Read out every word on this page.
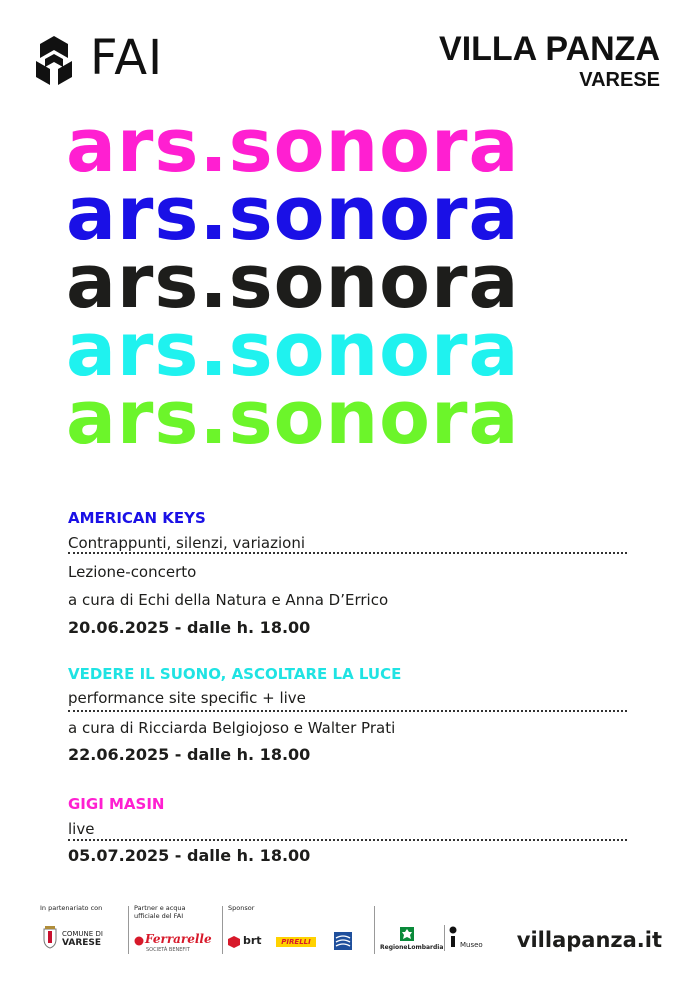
FAI	VILLA PANZA
VARESE
ars.sonora
ars.sonora
ars.sonora
ars.sonora
ars.sonora
AMERICAN KEYS
Contrappunti, silenzi, variazioni
Lezione-concerto
a cura di Echi della Natura e Anna D’Errico
20.06.2025 - dalle h. 18.00
VEDERE IL SUONO, ASCOLTARE LA LUCE
performance site specific + live
a cura di Ricciarda Belgiojoso e Walter Prati
22.06.2025 - dalle h. 18.00
GIGI MASIN
live
05.07.2025 - dalle h. 18.00
In partenariato con
COMUNE DI
VARESE
Partner e acqua
ufficiale del FAI
Ferrarelle
SOCIETÀ BENEFIT
Sponsor
brt	PIRELLI
RegioneLombardia Museo villapanza.it
